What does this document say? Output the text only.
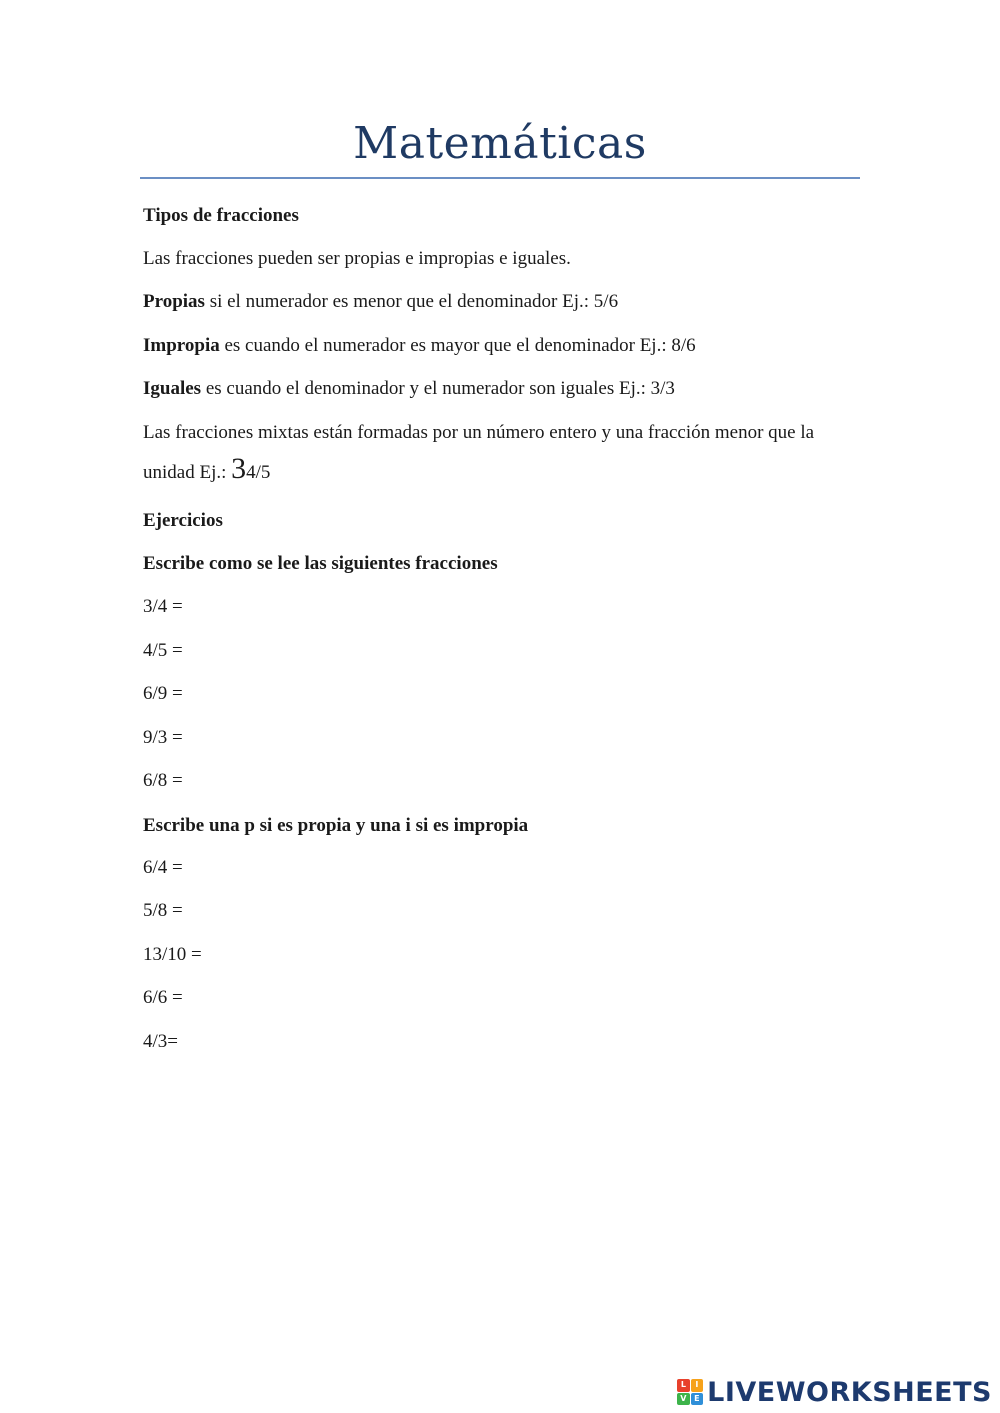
Matemáticas
Tipos de fracciones
Las fracciones pueden ser propias e impropias e iguales.
Propias si el numerador es menor que el denominador Ej.: 5/6
Impropia es cuando el numerador es mayor que el denominador Ej.: 8/6
Iguales es cuando el denominador y el numerador son iguales Ej.: 3/3
Las fracciones mixtas están formadas por un número entero y una fracción menor que la
unidad Ej.: 34/5
Ejercicios
Escribe como se lee las siguientes fracciones
3/4 =
4/5 =
6/9 =
9/3 =
6/8 =
Escribe una p si es propia y una i si es impropia
6/4 =
5/8 =
13/10 =
6/6 =
4/3=
L	I
V E LIVEWORKSHEETS
